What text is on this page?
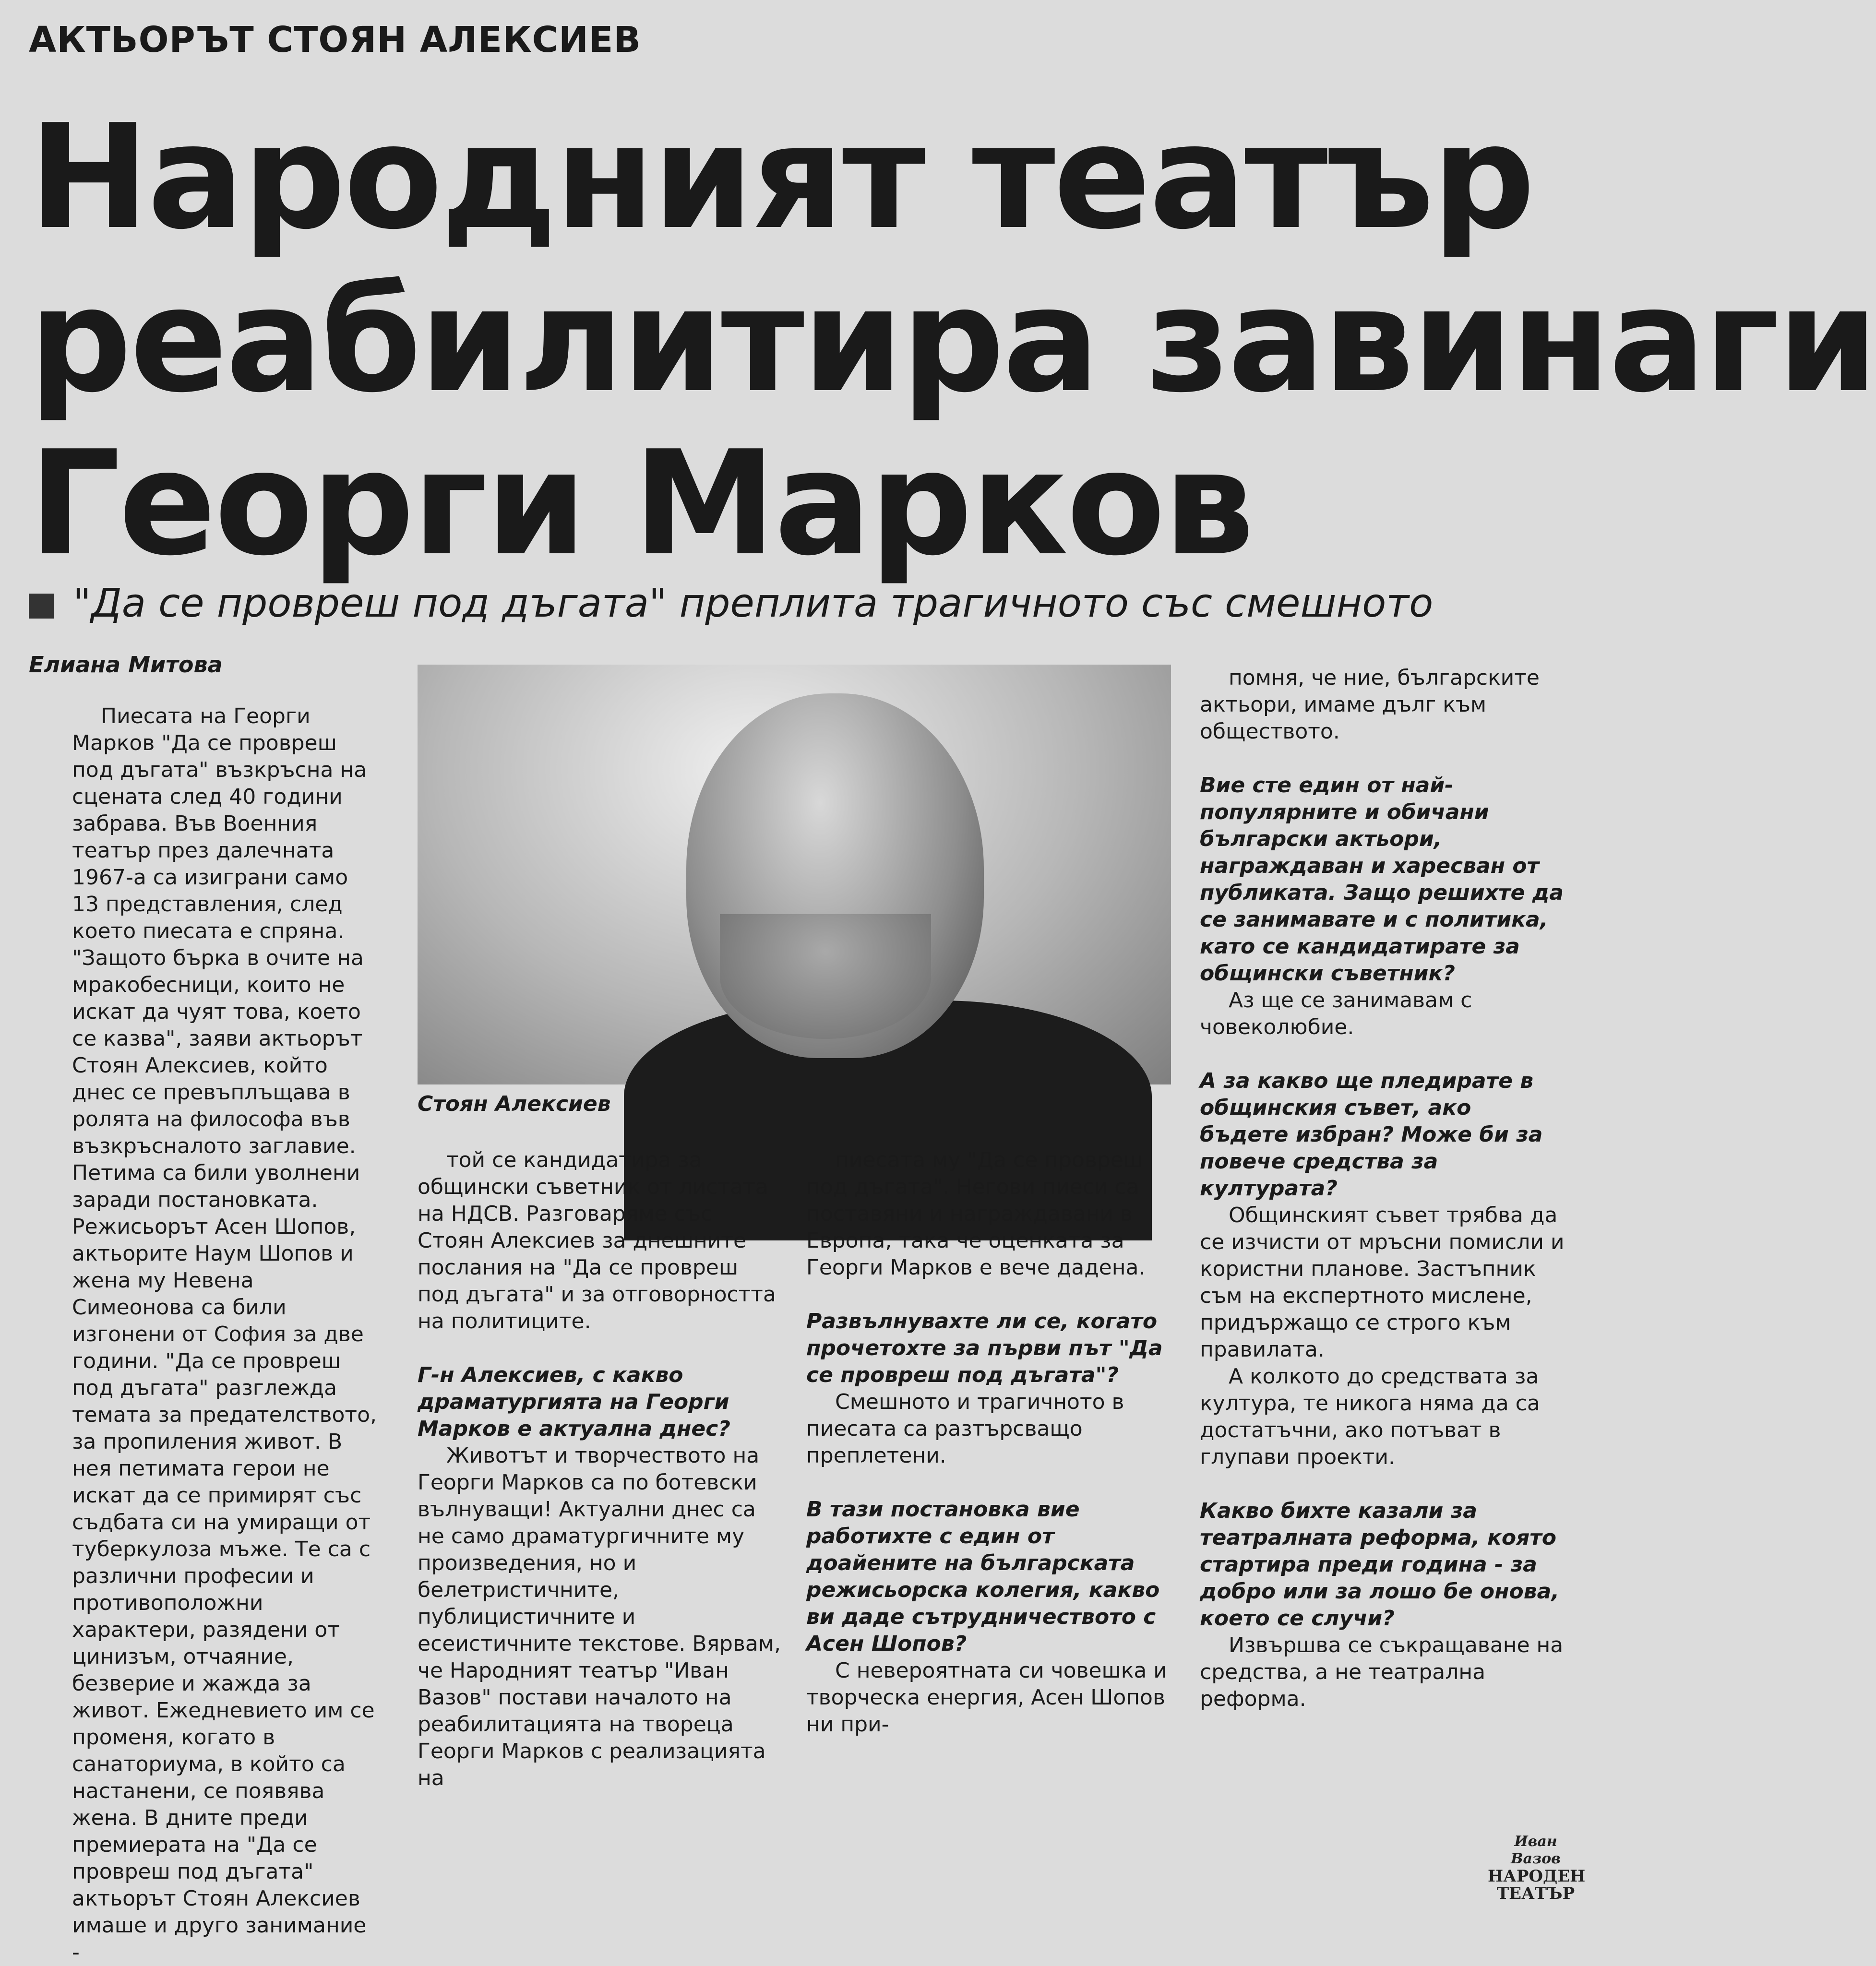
АКТЬОРЪТ СТОЯН АЛЕКСИЕВ
Народният театър
реабилитира завинаги
Георги Марков
"Да се провреш под дъгата" преплита трагичното със смешното
Елиана Митова
Стоян Алексиев

Пиесата на Георги Марков "Да се провреш под дъгата" възкръсна на сцената след 40 години забрава. Във Военния театър през далечната 1967-а са изиграни само 13 представления, след което пиесата е спряна. "Защото бърка в очите на мракобесници, които не искат да чуят това, което се казва", заяви актьорът Стоян Алексиев, който днес се превъплъщава в ролята на философа във възкръсналото заглавие. Петима са били уволнени заради постановката. Режисьорът Асен Шопов, актьорите Наум Шопов и жена му Невена Симеонова са били изгонени от София за две години. "Да се провреш под дъгата" разглежда темата за предателството, за пропиления живот. В нея петимата герои не искат да се примирят със съдбата си на умиращи от туберкулоза мъже. Те са с различни професии и противоположни характери, разядени от цинизъм, отчаяние, безверие и жажда за живот. Ежедневието им се променя, когато в санаториума, в който са настанени, се появява жена. В дните преди премиерата на "Да се провреш под дъгата" актьорът Стоян Алексиев имаше и друго занимание -

той се кандидатира за общински съветник от листата на НДСВ. Разговаряме със Стоян Алексиев за днешните послания на "Да се провреш под дъгата" и за отговорността на политиците.

Г-н Алексиев, с какво драматургията на Георги Марков е актуална днес?

Животът и творчеството на Георги Марков са по ботевски вълнуващи! Актуални днес са не само драматургичните му произведения, но и белетристичните, публицистичните и есеистичните текстове. Вярвам, че Народният театър "Иван Вазов" постави началото на реабилитацията на твореца Георги Марков с реализацията на

пиесата му "Да се провреш под дъгата". Негови пиеси са поставяни и награждавани в Европа, така че оценката за Георги Марков е вече дадена.

Развълнувахте ли се, когато прочетохте за първи път "Да се провреш под дъгата"?

Смешното и трагичното в пиесата са разтърсващо преплетени.

В тази постановка вие работихте с един от доайените на българската режисьорска колегия, какво ви даде сътрудничеството с Асен Шопов?

С невероятната си човешка и творческа енергия, Асен Шопов ни при-

помня, че ние, българските актьори, имаме дълг към обществото.

Вие сте един от най-популярните и обичани български актьори, награждаван и харесван от публиката. Защо решихте да се занимавате и с политика, като се кандидатирате за общински съветник?

Аз ще се занимавам с човеколюбие.

А за какво ще пледирате в общинския съвет, ако бъдете избран? Може би за повече средства за културата?

Общинският съвет трябва да се изчисти от мръсни помисли и користни планове. Застъпник съм на експертното мислене, придържащо се строго към правилата.

А колкото до средствата за култура, те никога няма да са достатъчни, ако потъват в глупави проекти.

Какво бихте казали за театралната реформа, която стартира преди година - за добро или за лошо бе онова, което се случи?

Извършва се съкращаване на средства, а не театрална реформа.

Иван Вазов
НАРОДЕН
ТЕАТЪР
